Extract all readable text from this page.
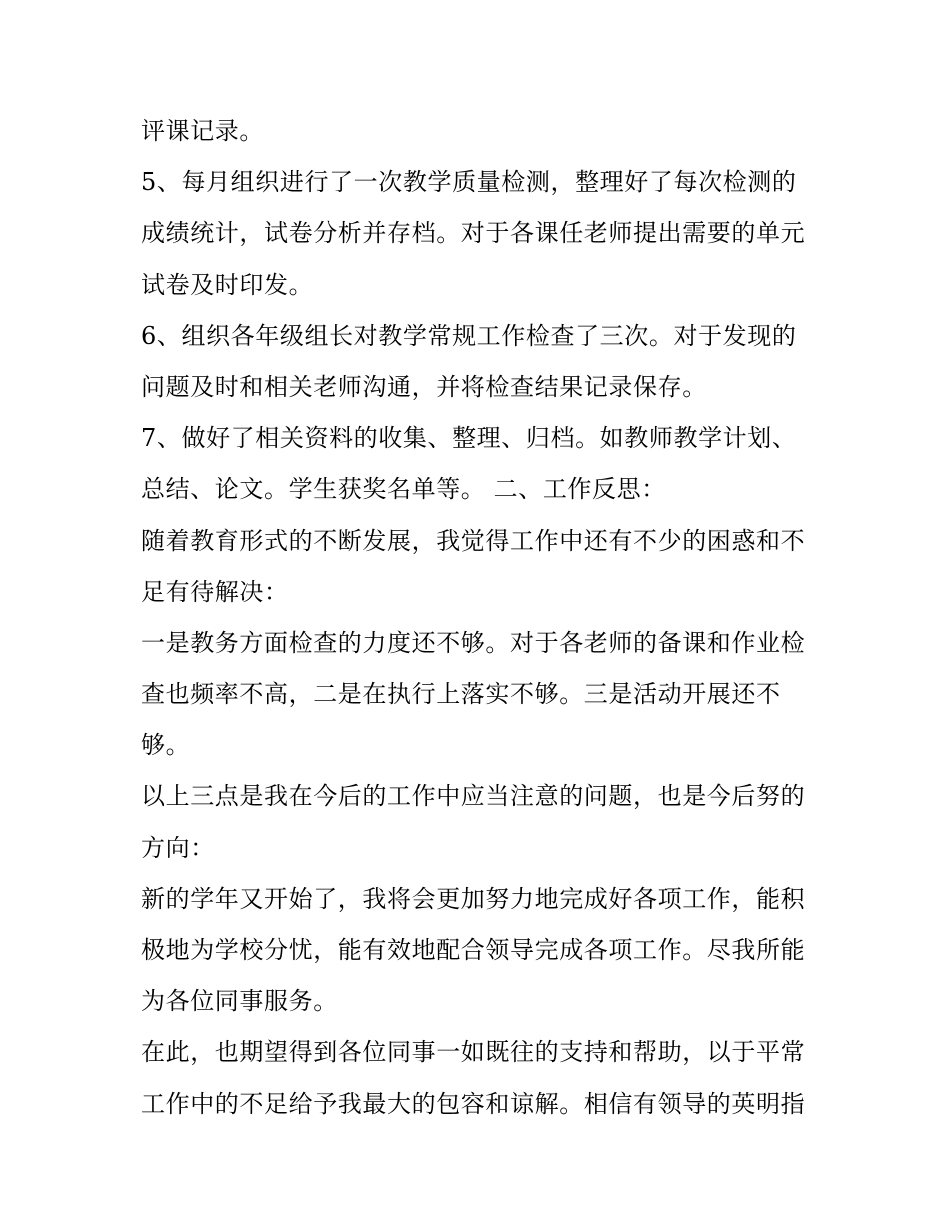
评课记录。
5、每月组织进行了一次教学质量检测，整理好了每次检测的
成绩统计，试卷分析并存档。对于各课任老师提出需要的单元
试卷及时印发。
6、组织各年级组长对教学常规工作检查了三次。对于发现的
问题及时和相关老师沟通，并将检查结果记录保存。
7、做好了相关资料的收集、整理、归档。如教师教学计划、
总结、论文。学生获奖名单等。 二、工作反思：
随着教育形式的不断发展，我觉得工作中还有不少的困惑和不
足有待解决：
一是教务方面检查的力度还不够。对于各老师的备课和作业检
查也频率不高，二是在执行上落实不够。三是活动开展还不
够。
以上三点是我在今后的工作中应当注意的问题，也是今后努的
方向：
新的学年又开始了，我将会更加努力地完成好各项工作，能积
极地为学校分忧，能有效地配合领导完成各项工作。尽我所能
为各位同事服务。
在此，也期望得到各位同事一如既往的支持和帮助，以于平常
工作中的不足给予我最大的包容和谅解。相信有领导的英明指
